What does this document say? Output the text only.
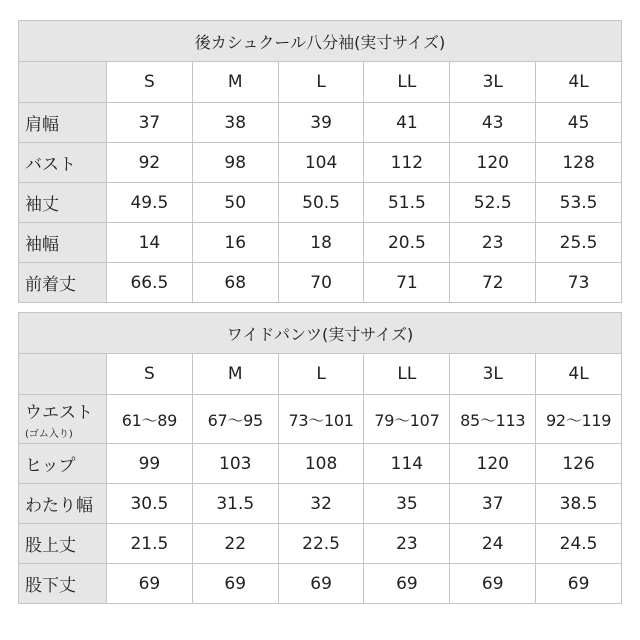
後カシュクール八分袖(実寸サイズ)						
	S	M	L	LL	3L	4L
肩幅	37	38	39	41	43	45
バスト	92	98	104	112	120	128
袖丈	49.5	50	50.5	51.5	52.5	53.5
袖幅	14	16	18	20.5	23	25.5
前着丈	66.5	68	70	71	72	73
ワイドパンツ(実寸サイズ)						
	S	M	L	LL	3L	4L
ウエスト
(ゴム入り)	61〜89	67〜95	73〜101	79〜107	85〜113	92〜119
ヒップ	99	103	108	114	120	126
わたり幅	30.5	31.5	32	35	37	38.5
股上丈	21.5	22	22.5	23	24	24.5
股下丈	69	69	69	69	69	69
